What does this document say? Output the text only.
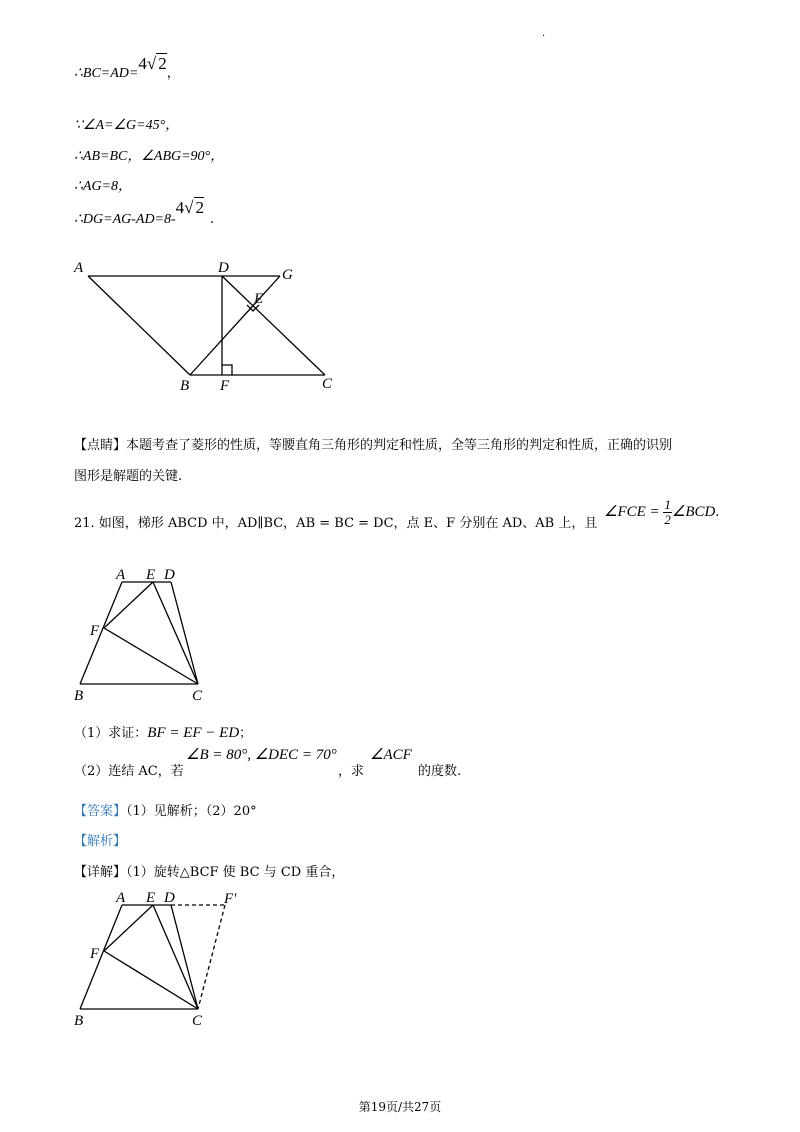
.
∴BC=AD=4√ 2，
∵∠A=∠G=45°，
∴AB=BC，∠ABG=90°，
∴AG=8，
∴DG=AG-AD=8-4√ 2.
A	D	G
E
B F	C
【点睛】本题考查了菱形的性质，等腰直角三角形的判定和性质，全等三角形的判定和性质，正确的识别
图形是解题的关键.
21. 如图，梯形 ABCD 中，AD∥BC，AB = BC = DC，点 E、F 分别在 AD、AB 上，且
∠FCE = $\frac{1}{2}$ ∠BCD.
A E D
F
B	C
（1）求证：BF = EF − ED；
（2）连结 AC，若
∠B = 80°, ∠DEC = 70°
，求
∠ACF
的度数.
【答案】（1）见解析；（2）20°
【解析】
【详解】（1）旋转△BCF 使 BC 与 CD 重合，
A E D	F'
F
B	C
第19页/共27页
